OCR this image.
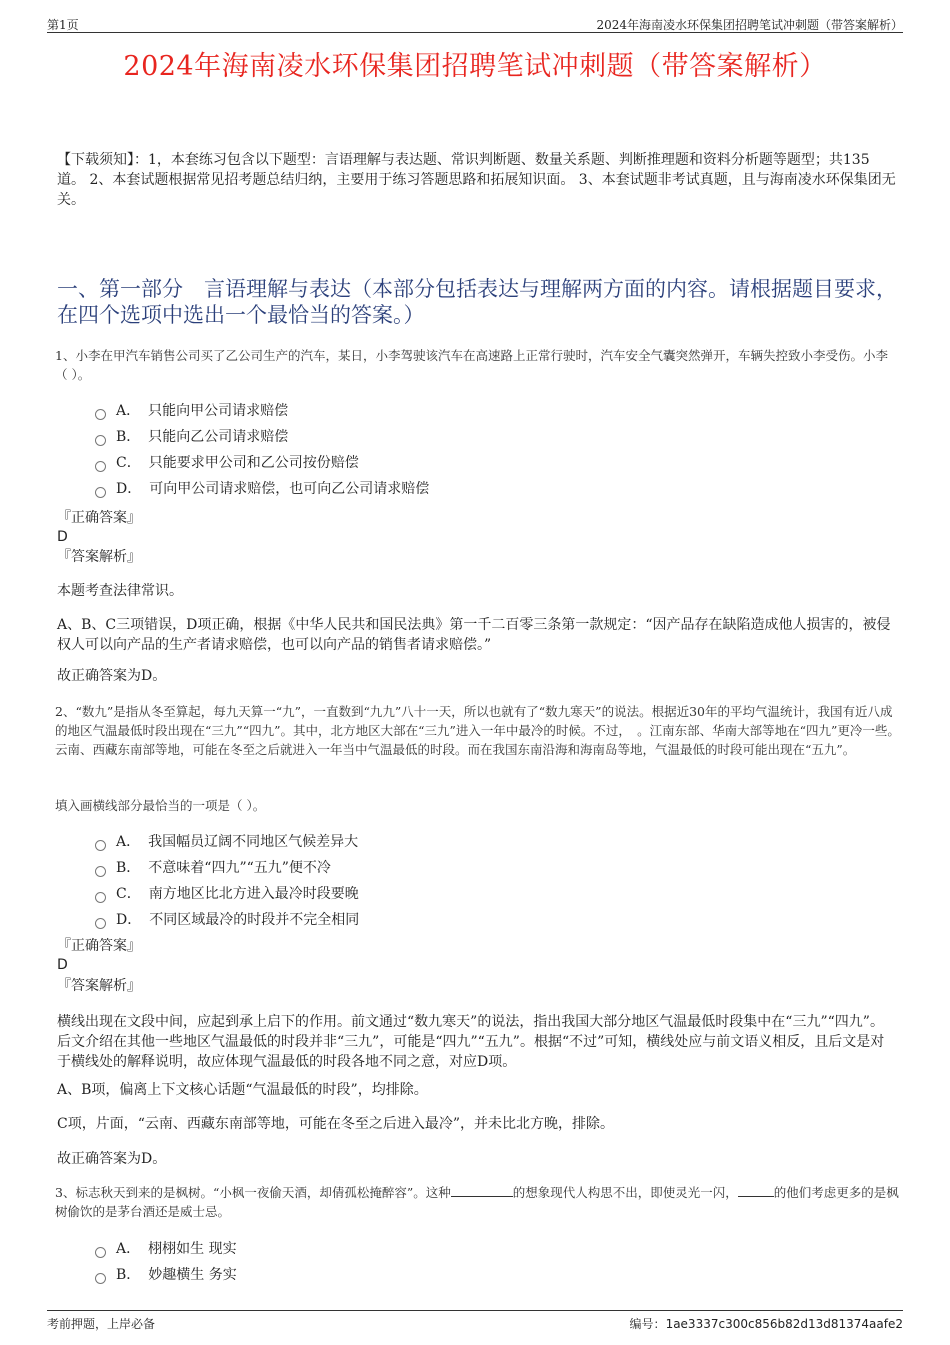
第1页	2024年海南凌水环保集团招聘笔试冲刺题（带答案解析）
2024年海南凌水环保集团招聘笔试冲刺题（带答案解析）
【下载须知】：1，本套练习包含以下题型：言语理解与表达题、常识判断题、数量关系题、判断推理题和资料分析题等题型；共135道。 2、本套试题根据常见招考题总结归纳，主要用于练习答题思路和拓展知识面。 3、本套试题非考试真题，且与海南凌水环保集团无关。
一、第一部分　言语理解与表达（本部分包括表达与理解两方面的内容。请根据题目要求，在四个选项中选出一个最恰当的答案。）
1、小李在甲汽车销售公司买了乙公司生产的汽车，某日，小李驾驶该汽车在高速路上正常行驶时，汽车安全气囊突然弹开，车辆失控致小李受伤。小李（ ）。
A． 只能向甲公司请求赔偿
B． 只能向乙公司请求赔偿
C． 只能要求甲公司和乙公司按份赔偿
D． 可向甲公司请求赔偿，也可向乙公司请求赔偿
『正确答案』
D
『答案解析』
本题考查法律常识。
A、B、C三项错误，D项正确，根据《中华人民共和国民法典》第一千二百零三条第一款规定：“因产品存在缺陷造成他人损害的，被侵权人可以向产品的生产者请求赔偿，也可以向产品的销售者请求赔偿。”
故正确答案为D。
2、“数九”是指从冬至算起，每九天算一“九”，一直数到“九九”八十一天，所以也就有了“数九寒天”的说法。根据近30年的平均气温统计，我国有近八成的地区气温最低时段出现在“三九”“四九”。其中，北方地区大部在“三九”进入一年中最冷的时候。不过，　。江南东部、华南大部等地在“四九”更冷一些。云南、西藏东南部等地，可能在冬至之后就进入一年当中气温最低的时段。而在我国东南沿海和海南岛等地，气温最低的时段可能出现在“五九”。
填入画横线部分最恰当的一项是（ ）。
A． 我国幅员辽阔不同地区气候差异大
B． 不意味着“四九”“五九”便不冷
C． 南方地区比北方进入最冷时段要晚
D． 不同区域最冷的时段并不完全相同
『正确答案』
D
『答案解析』
横线出现在文段中间，应起到承上启下的作用。前文通过“数九寒天”的说法，指出我国大部分地区气温最低时段集中在“三九”“四九”。后文介绍在其他一些地区气温最低的时段并非“三九”，可能是“四九”“五九”。根据“不过”可知，横线处应与前文语义相反，且后文是对于横线处的解释说明，故应体现气温最低的时段各地不同之意，对应D项。
A、B项，偏离上下文核心话题“气温最低的时段”，均排除。
C项，片面，“云南、西藏东南部等地，可能在冬至之后进入最冷”，并未比北方晚，排除。
故正确答案为D。
3、标志秋天到来的是枫树。“小枫一夜偷天酒，却倩孤松掩醉容”。这种	的想象现代人构思不出，即使灵光一闪，	的他们考虑更多的是枫树偷饮的是茅台酒还是威士忌。
A． 栩栩如生 现实
B． 妙趣横生 务实
考前押题，上岸必备	编号：1ae3337c300c856b82d13d81374aafe2
